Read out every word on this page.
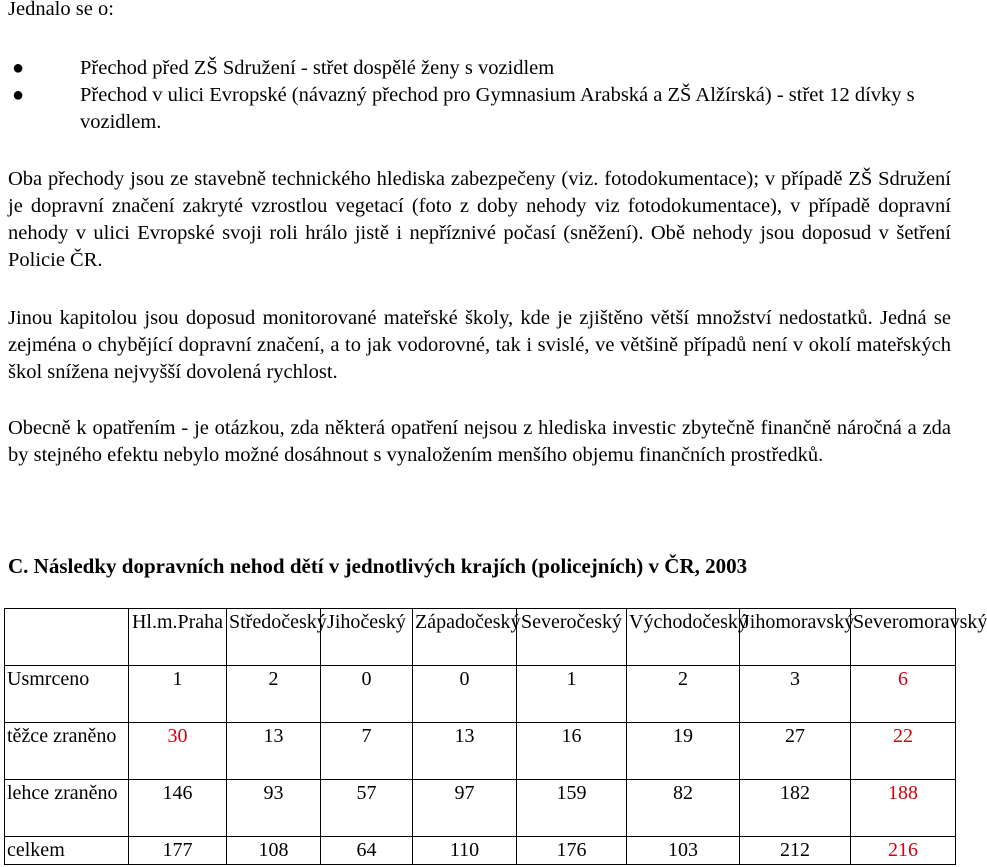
Jednalo se o:
●	Přechod před ZŠ Sdružení - střet dospělé ženy s vozidlem
●	Přechod v ulici Evropské (návazný přechod pro Gymnasium Arabská a ZŠ Alžírská) - střet 12 dívky s vozidlem.

Oba přechody jsou ze stavebně technického hlediska zabezpečeny (viz. fotodokumentace); v případě ZŠ Sdružení je dopravní značení zakryté vzrostlou vegetací (foto z doby nehody viz fotodokumentace), v případě dopravní nehody v ulici Evropské svoji roli hrálo jistě i nepříznivé počasí (sněžení). Obě nehody jsou doposud v šetření Policie ČR.

Jinou kapitolou jsou doposud monitorované mateřské školy, kde je zjištěno větší množství nedostatků. Jedná se zejména o chybějící dopravní značení, a to jak vodorovné, tak i svislé, ve většině případů není v okolí mateřských škol snížena nejvyšší dovolená rychlost.

Obecně k opatřením - je otázkou, zda některá opatření nejsou z hlediska investic zbytečně finančně náročná a zda by stejného efektu nebylo možné dosáhnout s vynaložením menšího objemu finančních prostředků.

C. Následky dopravních nehod dětí v jednotlivých krajích (policejních) v ČR, 2003
	Hl.m.Praha	Středočeský	Jihočeský	Západočeský	Severočeský	Východočeský	Jihomoravský	Severomoravský
Usmrceno	1	2	0	0	1	2	3	6
těžce zraněno	30	13	7	13	16	19	27	22
lehce zraněno	146	93	57	97	159	82	182	188
celkem	177	108	64	110	176	103	212	216
